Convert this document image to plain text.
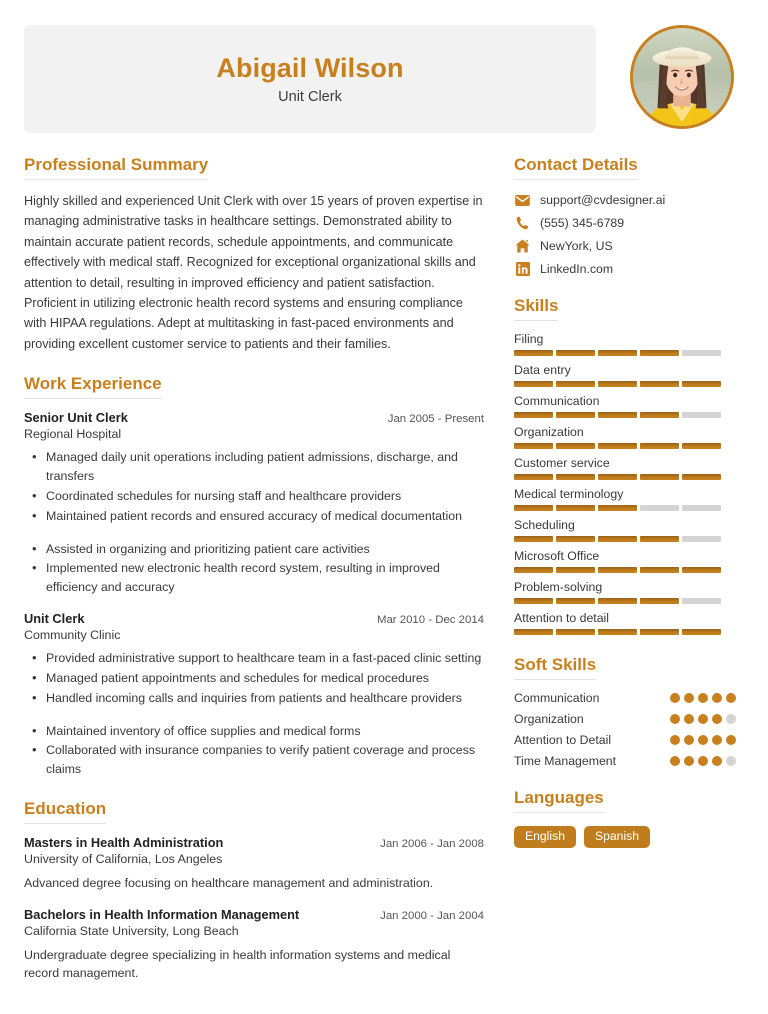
Abigail Wilson
Unit Clerk
Professional Summary
Highly skilled and experienced Unit Clerk with over 15 years of proven expertise in managing administrative tasks in healthcare settings. Demonstrated ability to maintain accurate patient records, schedule appointments, and communicate effectively with medical staff. Recognized for exceptional organizational skills and attention to detail, resulting in improved efficiency and patient satisfaction. Proficient in utilizing electronic health record systems and ensuring compliance with HIPAA regulations. Adept at multitasking in fast-paced environments and providing excellent customer service to patients and their families.
Work Experience
Senior Unit Clerk	Jan 2005 - Present
Regional Hospital
• Managed daily unit operations including patient admissions, discharge, and transfers
• Coordinated schedules for nursing staff and healthcare providers
• Maintained patient records and ensured accuracy of medical documentation
• Assisted in organizing and prioritizing patient care activities
• Implemented new electronic health record system, resulting in improved efficiency and accuracy
Unit Clerk	Mar 2010 - Dec 2014
Community Clinic
• Provided administrative support to healthcare team in a fast-paced clinic setting
• Managed patient appointments and schedules for medical procedures
• Handled incoming calls and inquiries from patients and healthcare providers
• Maintained inventory of office supplies and medical forms
• Collaborated with insurance companies to verify patient coverage and process claims
Education
Masters in Health Administration	Jan 2006 - Jan 2008
University of California, Los Angeles
Advanced degree focusing on healthcare management and administration.
Bachelors in Health Information Management	Jan 2000 - Jan 2004
California State University, Long Beach
Undergraduate degree specializing in health information systems and medical record management.
Contact Details
support@cvdesigner.ai
(555) 345-6789
NewYork, US
LinkedIn.com
Skills
Filing
Data entry
Communication
Organization
Customer service
Medical terminology
Scheduling
Microsoft Office
Problem-solving
Attention to detail
Soft Skills
Communication
Organization
Attention to Detail
Time Management
Languages
English	Spanish
